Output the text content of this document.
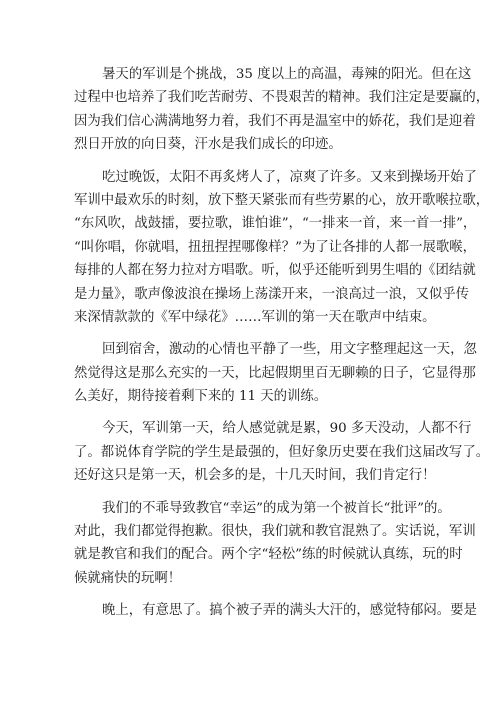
暑天的军训是个挑战，35 度以上的高温，毒辣的阳光。但在这
过程中也培养了我们吃苦耐劳、不畏艰苦的精神。我们注定是要赢的，
因为我们信心满满地努力着，我们不再是温室中的娇花，我们是迎着
烈日开放的向日葵，汗水是我们成长的印迹。
吃过晚饭，太阳不再炙烤人了，凉爽了许多。又来到操场开始了
军训中最欢乐的时刻，放下整天紧张而有些劳累的心，放开歌喉拉歌，
“东风吹，战鼓擂，要拉歌，谁怕谁”，“一排来一首，来一首一排”，
“叫你唱，你就唱，扭扭捏捏哪像样？”为了让各排的人都一展歌喉，
每排的人都在努力拉对方唱歌。听，似乎还能听到男生唱的《团结就
是力量》，歌声像波浪在操场上荡漾开来，一浪高过一浪，又似乎传
来深情款款的《军中绿花》……军训的第一天在歌声中结束。
回到宿舍，激动的心情也平静了一些，用文字整理起这一天，忽
然觉得这是那么充实的一天，比起假期里百无聊赖的日子，它显得那
么美好，期待接着剩下来的 11 天的训练。
今天，军训第一天，给人感觉就是累，90 多天没动，人都不行
了。都说体育学院的学生是最强的，但好象历史要在我们这届改写了。
还好这只是第一天，机会多的是，十几天时间，我们肯定行！
我们的不乖导致教官“幸运”的成为第一个被首长“批评”的。
对此，我们都觉得抱歉。很快，我们就和教官混熟了。实话说，军训
就是教官和我们的配合。两个字“轻松”练的时候就认真练，玩的时
候就痛快的玩啊！
晚上，有意思了。搞个被子弄的满头大汗的，感觉特郁闷。要是
